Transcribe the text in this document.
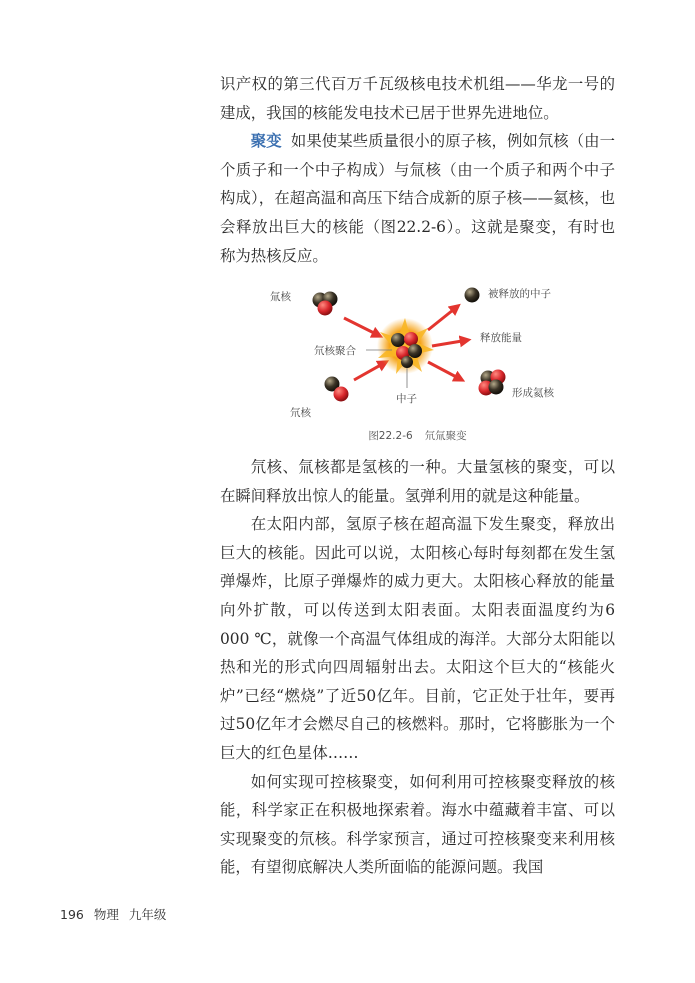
识产权的第三代百万千瓦级核电技术机组——华龙一号的建成，我国的核能发电技术已居于世界先进地位。

聚变 如果使某些质量很小的原子核，例如氘核（由一个质子和一个中子构成）与氚核（由一个质子和两个中子构成），在超高温和高压下结合成新的原子核——氦核，也会释放出巨大的核能（图22.2-6）。这就是聚变，有时也称为热核反应。

氚核
氘核
氘核聚合
中子
被释放的中子
释放能量
形成氦核
图22.2-6 氘氚聚变

氘核、氚核都是氢核的一种。大量氢核的聚变，可以在瞬间释放出惊人的能量。氢弹利用的就是这种能量。

在太阳内部，氢原子核在超高温下发生聚变，释放出巨大的核能。因此可以说，太阳核心每时每刻都在发生氢弹爆炸，比原子弹爆炸的威力更大。太阳核心释放的能量向外扩散，可以传送到太阳表面。太阳表面温度约为6 000 ℃，就像一个高温气体组成的海洋。大部分太阳能以热和光的形式向四周辐射出去。太阳这个巨大的“核能火炉”已经“燃烧”了近50亿年。目前，它正处于壮年，要再过50亿年才会燃尽自己的核燃料。那时，它将膨胀为一个巨大的红色星体……

如何实现可控核聚变，如何利用可控核聚变释放的核能，科学家正在积极地探索着。海水中蕴藏着丰富、可以实现聚变的氘核。科学家预言，通过可控核聚变来利用核能，有望彻底解决人类所面临的能源问题。我国

196 物理 九年级
